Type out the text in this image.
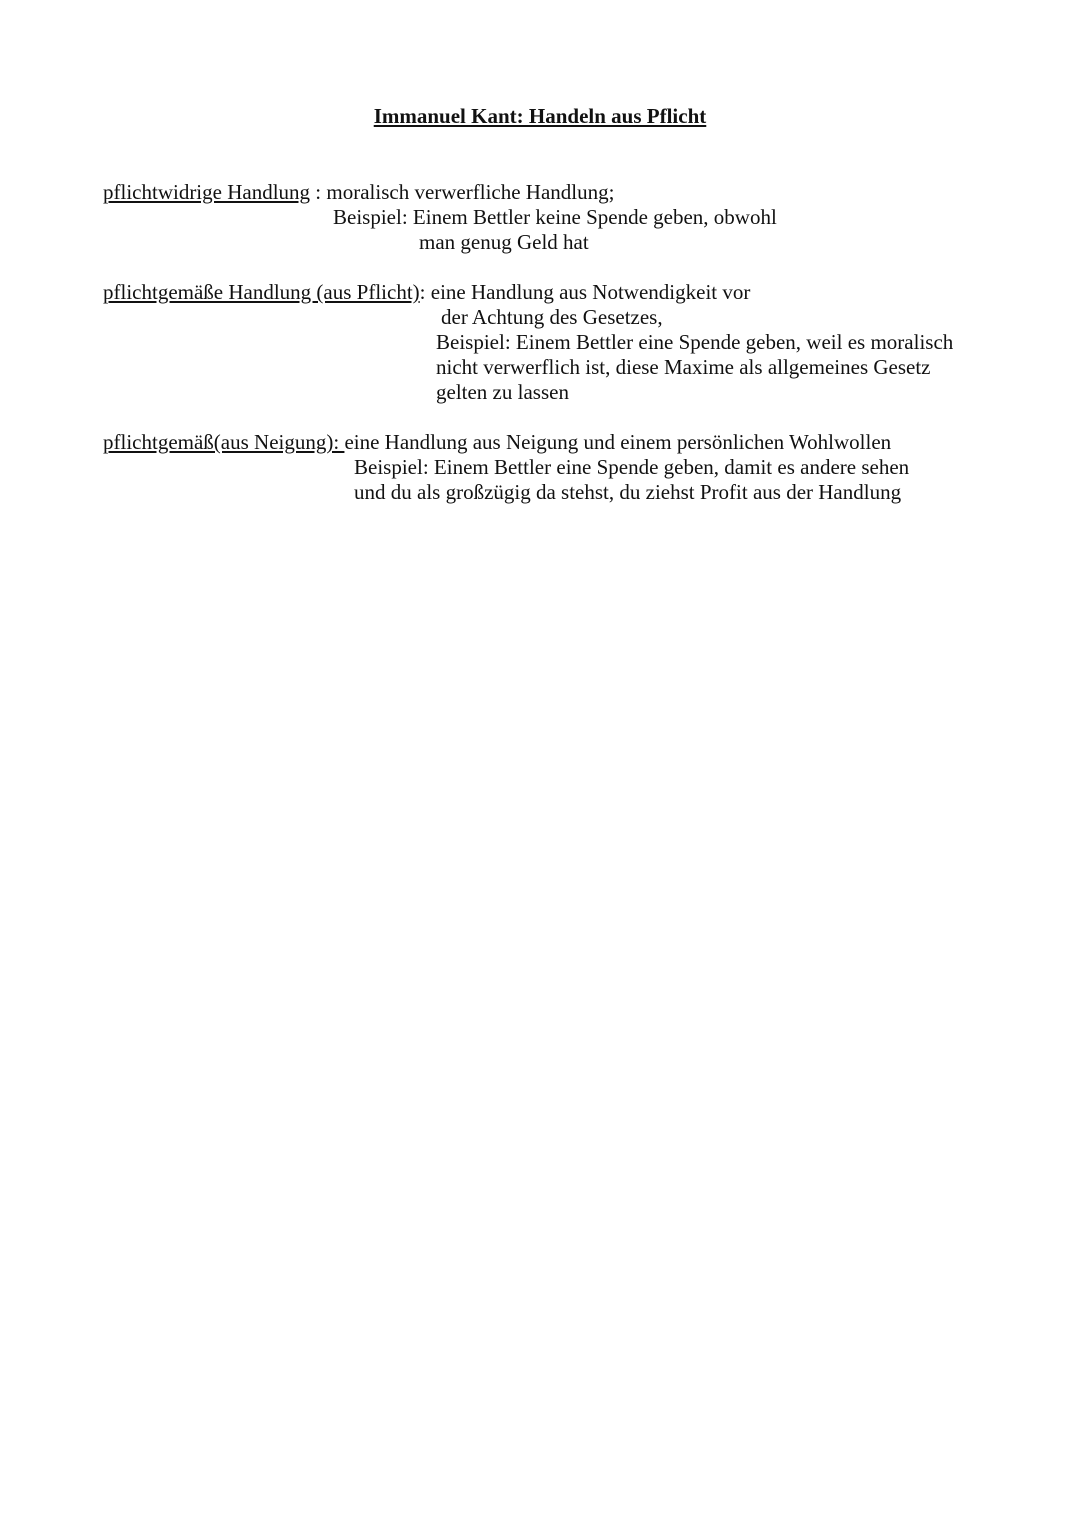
Immanuel Kant: Handeln aus Pflicht
pflichtwidrige Handlung : moralisch verwerfliche Handlung;
Beispiel: Einem Bettler keine Spende geben, obwohl
man genug Geld hat
pflichtgemäße Handlung (aus Pflicht): eine Handlung aus Notwendigkeit vor
der Achtung des Gesetzes,
Beispiel: Einem Bettler eine Spende geben, weil es moralisch
nicht verwerflich ist, diese Maxime als allgemeines Gesetz
gelten zu lassen
pflichtgemäß(aus Neigung): eine Handlung aus Neigung und einem persönlichen Wohlwollen
Beispiel: Einem Bettler eine Spende geben, damit es andere sehen
und du als großzügig da stehst, du ziehst Profit aus der Handlung
